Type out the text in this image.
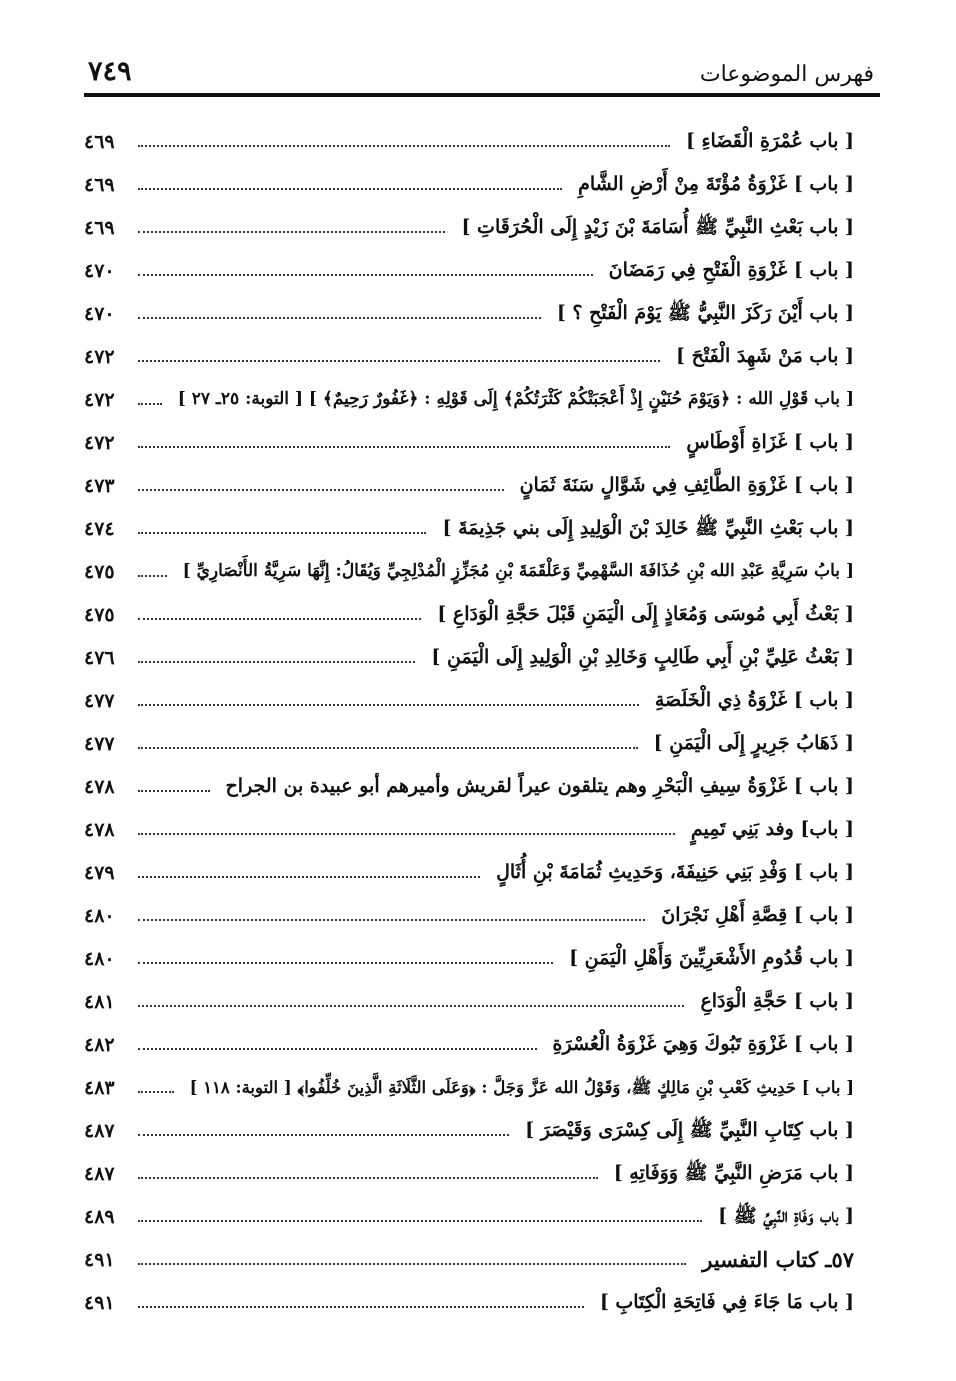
فهرس الموضوعات
٧٤٩
[ باب عُمْرَةِ الْقَضَاءِ ]
٤٦٩
[ باب ] غَزْوَةُ مُؤْتَةَ مِنْ أَرْضِ الشَّامِ
٤٦٩
[ باب بَعْثِ النَّبِيِّ ﷺ أُسَامَةَ بْنَ زَيْدٍ إِلَى الْحُرَقَاتِ ]
٤٦٩
[ باب ] غَزْوَةِ الْفَتْحِ فِي رَمَضَانَ
٤٧٠
[ باب أَيْنَ رَكَزَ النَّبِيُّ ﷺ يَوْمَ الْفَتْحِ ؟ ]
٤٧٠
[ باب مَنْ شَهِدَ الْفَتْحَ ]
٤٧٢
[ باب قَوْلِ الله : ﴿وَيَوْمَ حُنَيْنٍ إِذْ أَعْجَبَتْكُمْ كَثْرَتُكُمْ﴾ إِلَى قَوْلِهِ : ﴿غَفُورٌ رَحِيمٌ﴾ ] [ التوبة: ٢٥ـ ٢٧ ]
٤٧٢
[ باب ] غَزَاةِ أَوْطَاسٍ
٤٧٢
[ باب ] غَزْوَةِ الطَّائِفِ فِي شَوَّالٍ سَنَةَ ثَمَانٍ
٤٧٣
[ باب بَعْثِ النَّبِيِّ ﷺ خَالِدَ بْنَ الْوَلِيدِ إِلَى بني جَذِيمَةَ ]
٤٧٤
[ بابُ سَرِيَّةِ عَبْدِ الله بْنِ حُذَافَةَ السَّهْمِيِّ وَعَلْقَمَةَ بْنِ مُجَزِّزٍ الْمُدْلِجِيِّ وَيُقَالُ: إِنَّهَا سَرِيَّةُ الأَنْصَارِيِّ ]
٤٧٥
[ بَعْثُ أَبِي مُوسَى وَمُعَاذٍ إِلَى الْيَمَنِ قَبْلَ حَجَّةِ الْوَدَاعِ ]
٤٧٥
[ بَعْثُ عَلِيِّ بْنِ أَبِي طَالِبٍ وَخَالِدِ بْنِ الْوَلِيدِ إِلَى الْيَمَنِ ]
٤٧٦
[ باب ] غَزْوَةُ ذِي الْخَلَصَةِ
٤٧٧
[ ذَهَابُ جَرِيرٍ إِلَى الْيَمَنِ ]
٤٧٧
[ باب ] غَزْوَةُ سِيفِ الْبَحْرِ وهم يتلقون عيراً لقريش وأميرهم أبو عبيدة بن الجراح
٤٧٨
[ باب] وفد بَنِي تَمِيمٍ
٤٧٨
[ باب ] وَفْدِ بَنِي حَنِيفَةَ، وَحَدِيثِ ثُمَامَةَ بْنِ أُثَالٍ
٤٧٩
[ باب ] قِصَّةِ أَهْلِ نَجْرَانَ
٤٨٠
[ باب قُدُومِ الأَشْعَرِيِّينَ وَأَهْلِ الْيَمَنِ ]
٤٨٠
[ باب ] حَجَّةِ الْوَدَاعِ
٤٨١
[ باب ] غَزْوَةِ تَبُوكَ وَهِيَ غَزْوَةُ الْعُسْرَةِ
٤٨٢
[ باب ] حَدِيثِ كَعْبِ بْنِ مَالِكٍ ﷺ، وَقَوْلُ الله عَزَّ وَجَلَّ : ﴿وَعَلَى الثَّلَاثَةِ الَّذِينَ خُلِّفُوا﴾ [ التوبة: ١١٨ ]
٤٨٣
[ باب كِتَابِ النَّبِيِّ ﷺ إِلَى كِسْرَى وَقَيْصَرَ ]
٤٨٧
[ باب مَرَضِ النَّبِيِّ ﷺ وَوَفَاتِهِ ]
٤٨٧
[ باب وَفَاةِ النَّبِيِّ ﷺ ]
٤٨٩
٥٧ـ كتاب التفسير
٤٩١
[ باب مَا جَاءَ فِي فَاتِحَةِ الْكِتَابِ ]
٤٩١
